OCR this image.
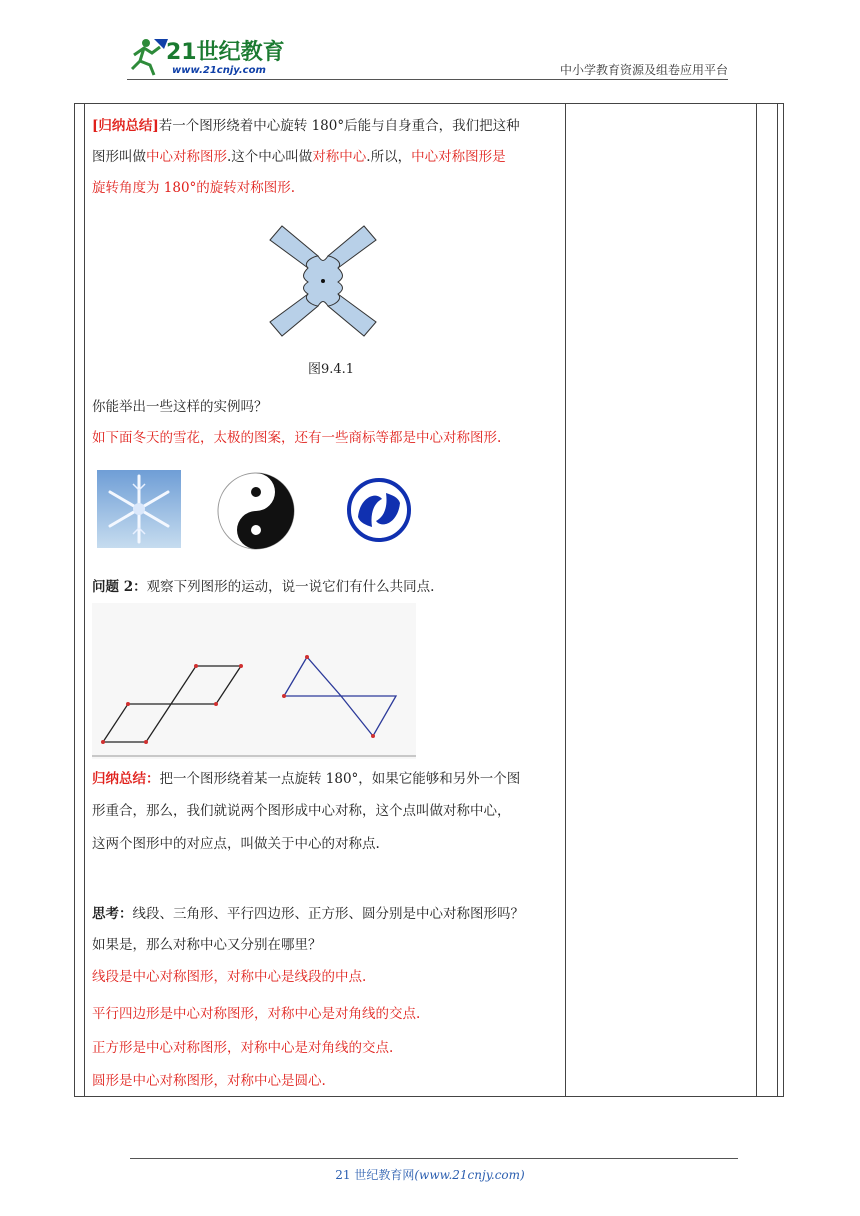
21世纪教育
www.21cnjy.com	中小学教育资源及组卷应用平台
[归纳总结]若一个图形绕着中心旋转 180°后能与自身重合，我们把这种
图形叫做中心对称图形.这个中心叫做对称中心.所以，中心对称图形是
旋转角度为 180°的旋转对称图形.
图9.4.1
你能举出一些这样的实例吗？
如下面冬天的雪花，太极的图案，还有一些商标等都是中心对称图形.
问题 2：观察下列图形的运动，说一说它们有什么共同点.
归纳总结：把一个图形绕着某一点旋转 180°，如果它能够和另外一个图
形重合，那么，我们就说两个图形成中心对称，这个点叫做对称中心，
这两个图形中的对应点，叫做关于中心的对称点.
思考：线段、三角形、平行四边形、正方形、圆分别是中心对称图形吗？
如果是，那么对称中心又分别在哪里？
线段是中心对称图形，对称中心是线段的中点.
平行四边形是中心对称图形，对称中心是对角线的交点.
正方形是中心对称图形，对称中心是对角线的交点.
圆形是中心对称图形，对称中心是圆心.
21 世纪教育网(www.21cnjy.com)
